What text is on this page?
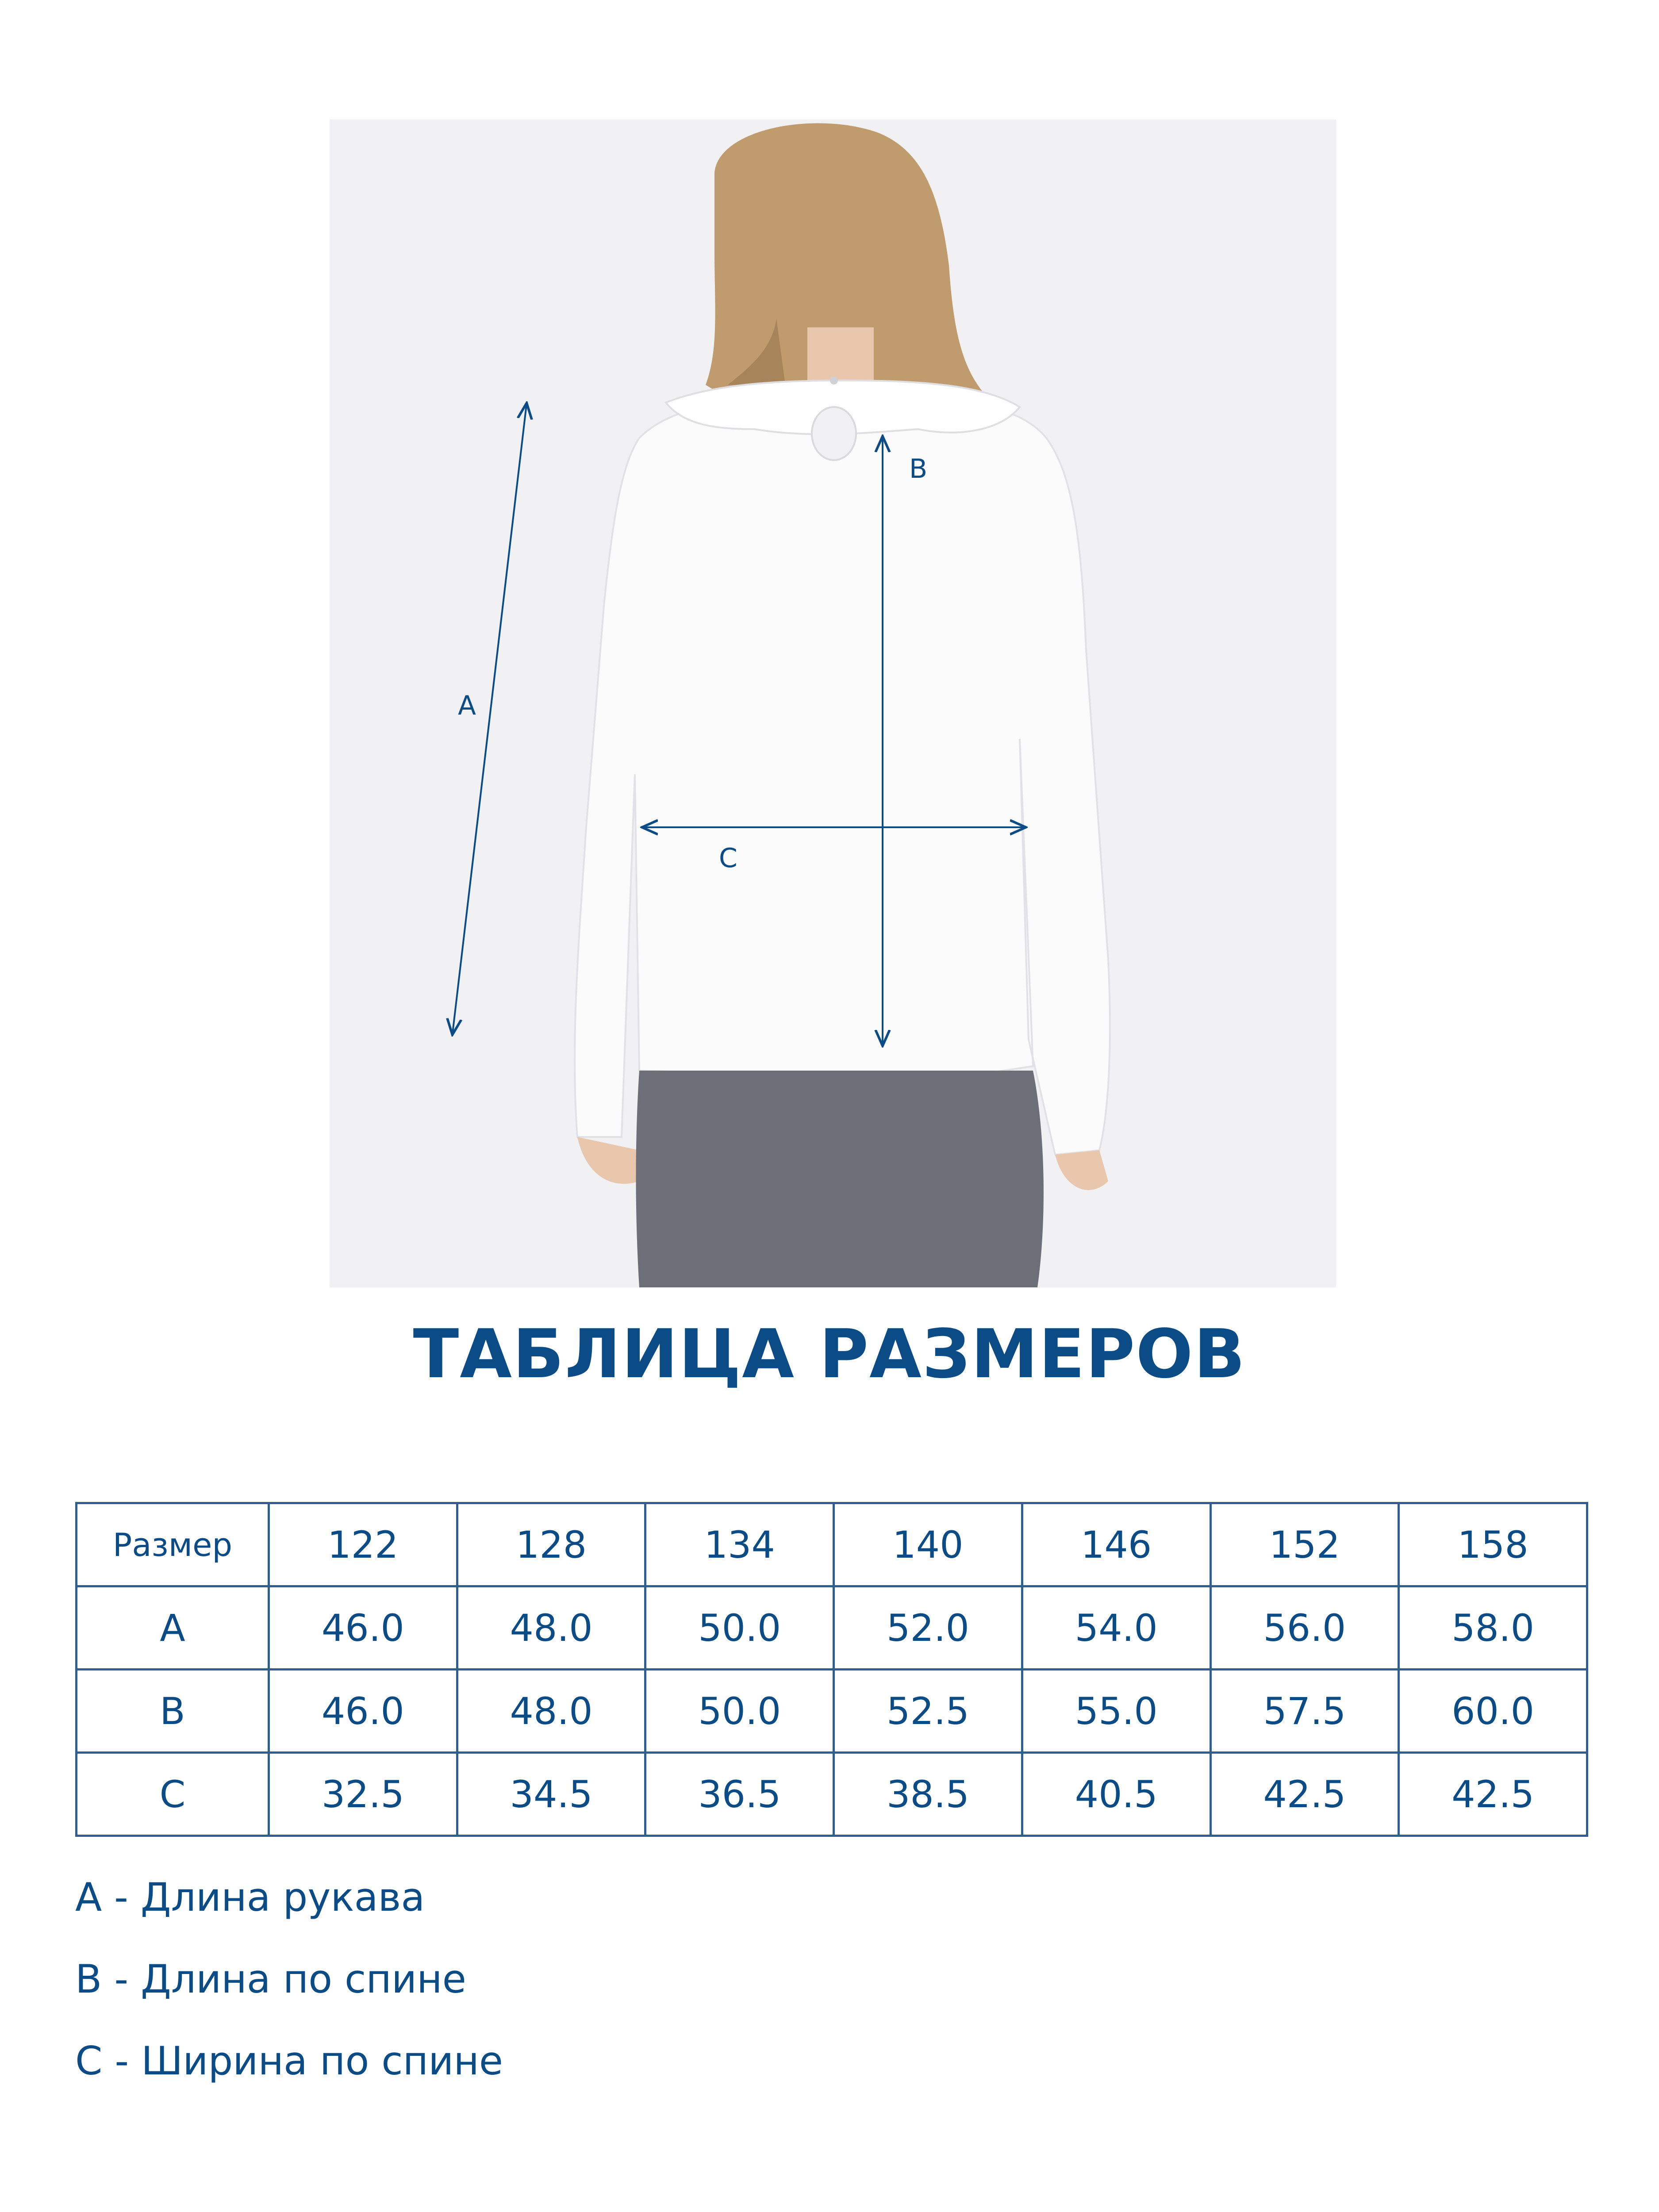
A
B
C
ТАБЛИЦА РАЗМЕРОВ
Размер	122	128	134	140	146	152	158
A	46.0	48.0	50.0	52.0	54.0	56.0	58.0
B	46.0	48.0	50.0	52.5	55.0	57.5	60.0
C	32.5	34.5	36.5	38.5	40.5	42.5	42.5
A - Длина рукава
B - Длина по спине
C - Ширина по спине
